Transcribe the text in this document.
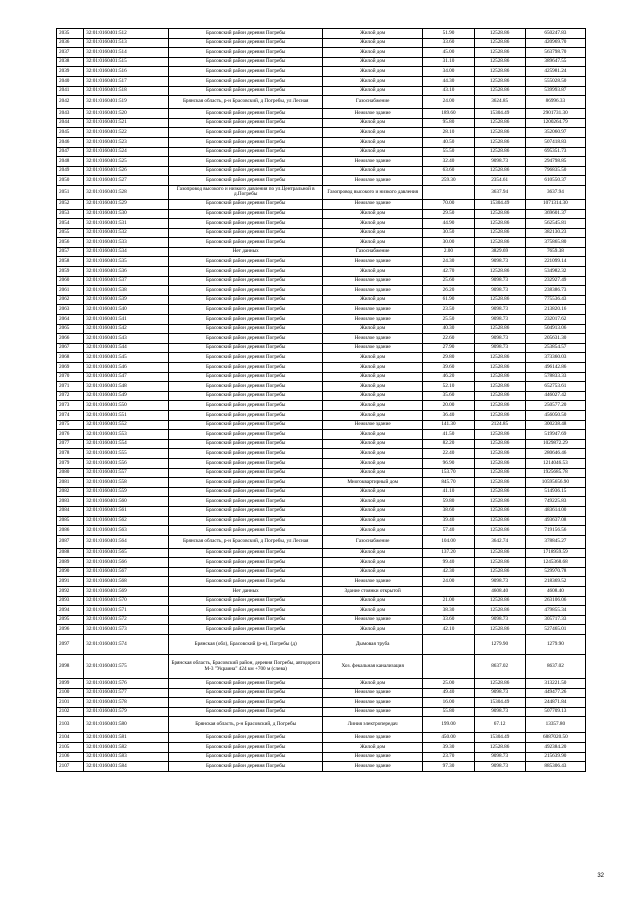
2035	32:01:0160401:512	Брасовский район деревня Погребы	Жилой дом	51.90	12528.86	650247.83
2036	32:01:0160401:513	Брасовский район деревня Погребы	Жилой дом	33.60	12528.86	420969.70
2037	32:01:0160401:514	Брасовский район деревня Погребы	Жилой дом	45.00	12528.86	563798.70
2038	32:01:0160401:515	Брасовский район деревня Погребы	Жилой дом	31.10	12528.86	389647.55
2039	32:01:0160401:516	Брасовский район деревня Погребы	Жилой дом	34.00	12528.86	425981.24
2040	32:01:0160401:517	Брасовский район деревня Погребы	Жилой дом	44.30	12528.86	555028.50
2041	32:01:0160401:518	Брасовский район деревня Погребы	Жилой дом	43.10	12528.86	539993.87
2042	32:01:0160401:519	Брянская область, р-н Брасовский, д Погребы, ул Лесная	Газоснабжение	24.00	3624.85	86996.33
2043	32:01:0160401:520	Брасовский район деревня Погребы	Нежилое здание	189.60	15304.49	2901731.30
2044	32:01:0160401:521	Брасовский район деревня Погребы	Жилой дом	95.80	12528.86	1200264.79
2045	32:01:0160401:522	Брасовский район деревня Погребы	Жилой дом	28.10	12528.86	352060.97
2046	32:01:0160401:523	Брасовский район деревня Погребы	Жилой дом	40.50	12528.86	507418.83
2047	32:01:0160401:524	Брасовский район деревня Погребы	Жилой дом	55.50	12528.86	695351.73
2048	32:01:0160401:525	Брасовский район деревня Погребы	Нежилое здание	32.40	9098.73	294798.85
2049	32:01:0160401:526	Брасовский район деревня Погребы	Жилой дом	63.60	12528.86	796835.50
2050	32:01:0160401:527	Брасовский район деревня Погребы	Нежилое здание	259.30	2354.61	610550.37
2051	32:01:0160401:528	Газопровод высокого и низкого давления по ул.Центральной в д.Погребы	Газопровод высокого и низкого давления		3637.94	3637.94
2052	32:01:0160401:529	Брасовский район деревня Погребы	Нежилое здание	70.00	15304.49	1071314.30
2053	32:01:0160401:530	Брасовский район деревня Погребы	Жилой дом	29.50	12528.86	369601.37
2054	32:01:0160401:531	Брасовский район деревня Погребы	Жилой дом	44.90	12528.86	562545.81
2055	32:01:0160401:532	Брасовский район деревня Погребы	Жилой дом	30.50	12528.86	382130.23
2056	32:01:0160401:533	Брасовский район деревня Погребы	Жилой дом	30.00	12528.86	375865.80
2057	32:01:0160401:534	Нет данных	Газоснабжение	2.00	3829.69	7659.38
2058	32:01:0160401:535	Брасовский район деревня Погребы	Нежилое здание	24.30	9098.73	221099.14
2059	32:01:0160401:536	Брасовский район деревня Погребы	Жилой дом	42.70	12528.86	534982.32
2060	32:01:0160401:537	Брасовский район деревня Погребы	Нежилое здание	25.60	9098.73	232927.49
2061	32:01:0160401:538	Брасовский район деревня Погребы	Нежилое здание	26.20	9098.73	238386.73
2062	32:01:0160401:539	Брасовский район деревня Погребы	Жилой дом	61.90	12528.86	775536.43
2063	32:01:0160401:540	Брасовский район деревня Погребы	Нежилое здание	23.50	9098.73	213820.16
2064	32:01:0160401:541	Брасовский район деревня Погребы	Нежилое здание	25.50	9098.73	232017.62
2065	32:01:0160401:542	Брасовский район деревня Погребы	Жилой дом	40.30	12528.86	504913.06
2066	32:01:0160401:543	Брасовский район деревня Погребы	Нежилое здание	22.60	9098.73	205631.30
2067	32:01:0160401:544	Брасовский район деревня Погребы	Нежилое здание	27.90	9098.73	253854.57
2068	32:01:0160401:545	Брасовский район деревня Погребы	Жилой дом	29.80	12528.86	373360.03
2069	32:01:0160401:546	Брасовский район деревня Погребы	Жилой дом	39.60	12528.86	496142.86
2070	32:01:0160401:547	Брасовский район деревня Погребы	Жилой дом	46.20	12528.86	578833.33
2071	32:01:0160401:548	Брасовский район деревня Погребы	Жилой дом	52.10	12528.86	652753.61
2072	32:01:0160401:549	Брасовский район деревня Погребы	Жилой дом	35.60	12528.86	446027.42
2073	32:01:0160401:550	Брасовский район деревня Погребы	Жилой дом	20.00	12528.86	250577.20
2074	32:01:0160401:551	Брасовский район деревня Погребы	Жилой дом	36.40	12528.86	456050.50
2075	32:01:0160401:552	Брасовский район деревня Погребы	Нежилое здание	141.30	2124.85	300238.48
2076	32:01:0160401:553	Брасовский район деревня Погребы	Жилой дом	41.50	12528.86	519947.69
2077	32:01:0160401:554	Брасовский район деревня Погребы	Жилой дом	82.20	12528.86	1029872.29
2078	32:01:0160401:555	Брасовский район деревня Погребы	Жилой дом	22.40	12528.86	280646.46
2079	32:01:0160401:556	Брасовский район деревня Погребы	Жилой дом	96.90	12528.86	1214046.53
2080	32:01:0160401:557	Брасовский район деревня Погребы	Жилой дом	153.70	12528.86	1925685.78
2081	32:01:0160401:558	Брасовский район деревня Погребы	Многоквартирный дом	845.70	12528.86	10595656.90
2082	32:01:0160401:559	Брасовский район деревня Погребы	Жилой дом	41.10	12528.86	514936.15
2083	32:01:0160401:560	Брасовский район деревня Погребы	Жилой дом	59.80	12528.86	749225.83
2084	32:01:0160401:561	Брасовский район деревня Погребы	Жилой дом	38.60	12528.86	483614.00
2085	32:01:0160401:562	Брасовский район деревня Погребы	Жилой дом	39.40	12528.86	493637.08
2086	32:01:0160401:563	Брасовский район деревня Погребы	Жилой дом	57.40	12528.86	719156.56
2087	32:01:0160401:564	Брянская область, р-н Брасовский, д Погребы, ул Лесная	Газоснабжение	104.00	3642.74	378845.27
2088	32:01:0160401:565	Брасовский район деревня Погребы	Жилой дом	137.20	12528.86	1718959.59
2089	32:01:0160401:566	Брасовский район деревня Погребы	Жилой дом	99.40	12528.86	1245368.68
2090	32:01:0160401:567	Брасовский район деревня Погребы	Жилой дом	42.30	12528.86	529970.78
2091	32:01:0160401:568	Брасовский район деревня Погребы	Нежилое здание	24.00	9098.73	218369.52
2092	32:01:0160401:569	Нет данных	Здание стоянки открытой		4608.40	4608.40
2093	32:01:0160401:570	Брасовский район деревня Погребы	Жилой дом	21.00	12528.86	263106.06
2094	32:01:0160401:571	Брасовский район деревня Погребы	Жилой дом	38.30	12528.86	479855.34
2095	32:01:0160401:572	Брасовский район деревня Погребы	Нежилое здание	33.60	9098.73	305717.33
2096	32:01:0160401:573	Брасовский район деревня Погребы	Жилой дом	42.10	12528.86	527465.01
2097	32:01:0160401:574	Брянская (обл), Брасовский (р-н), Погребы (д)	Дымовая труба		1279.90	1279.90
2098	32:01:0160401:575	Брянская область, Брасовский район, деревня Погребы, автодорога М-3 "Украина" 424 км +700 м (слева)	Хоз. фекальная канализация		8637.02	8637.02
2099	32:01:0160401:576	Брасовский район деревня Погребы	Жилой дом	25.00	12528.86	313221.50
2100	32:01:0160401:577	Брасовский район деревня Погребы	Нежилое здание	49.40	9098.73	449477.26
2101	32:01:0160401:578	Брасовский район деревня Погребы	Нежилое здание	16.00	15304.49	244871.84
2102	32:01:0160401:579	Брасовский район деревня Погребы	Нежилое здание	55.80	9098.73	507709.13
2103	32:01:0160401:580	Брянская область, р-н Брасовский, д Погребы	Линия электропередач	199.00	67.12	13357.80
2104	32:01:0160401:581	Брасовский район деревня Погребы	Нежилое здание	450.00	15304.49	6887020.50
2105	32:01:0160401:582	Брасовский район деревня Погребы	Жилой дом	39.30	12528.86	492384.20
2106	32:01:0160401:583	Брасовский район деревня Погребы	Нежилое здание	23.70	9098.73	215639.90
2107	32:01:0160401:584	Брасовский район деревня Погребы	Нежилое здание	97.30	9098.73	885306.43
32
